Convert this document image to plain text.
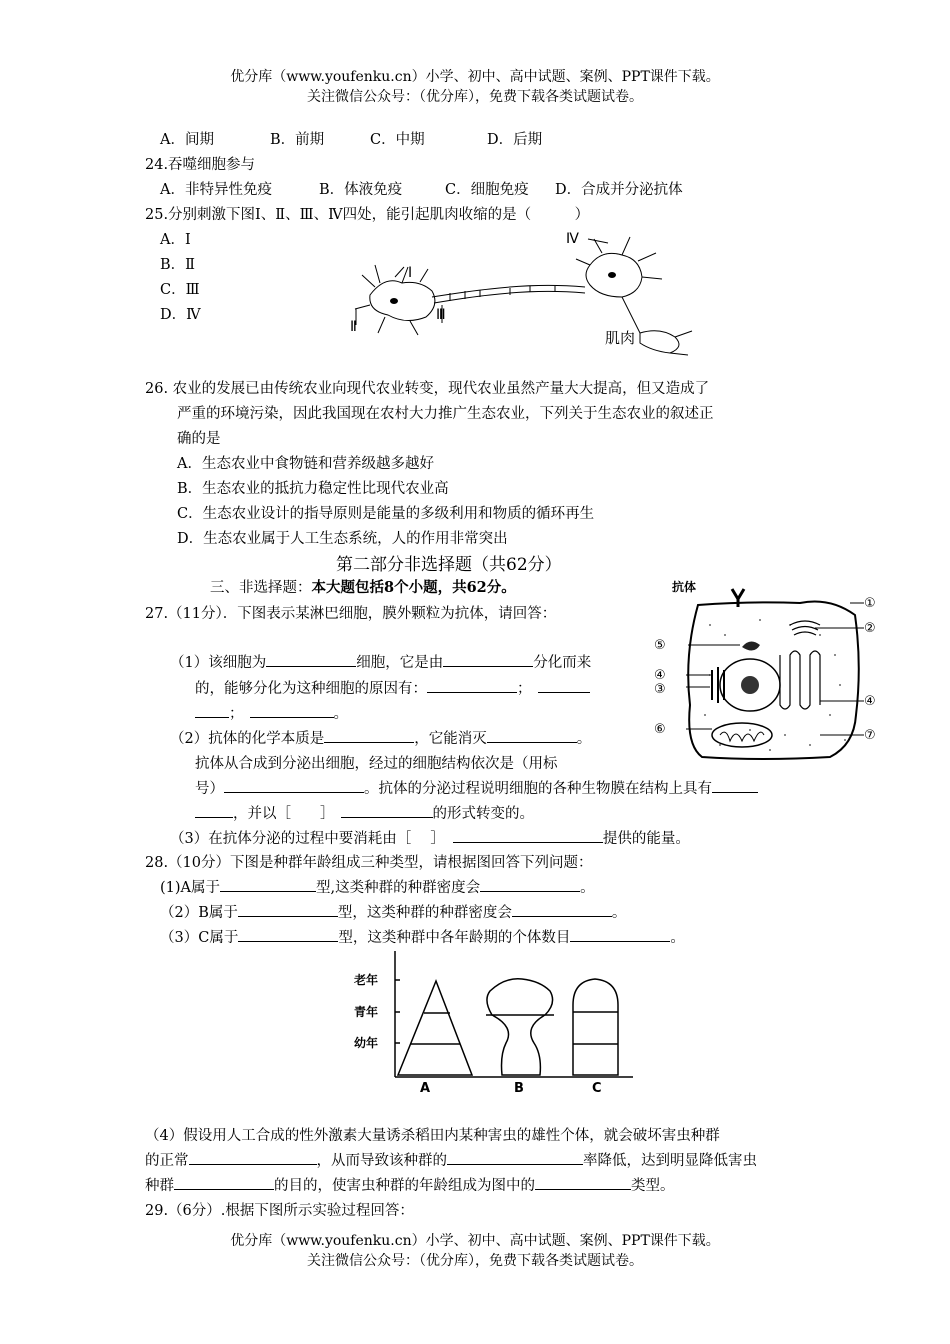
优分库（www.youfenku.cn）小学、初中、高中试题、案例、PPT课件下载。
关注微信公众号：（优分库），免费下载各类试题试卷。
A．间期	B．前期	C．中期	D．后期
24.吞噬细胞参与
A．非特异性免疫	B．体液免疫	C．细胞免疫 D．合成并分泌抗体
25.分别刺激下图Ⅰ、Ⅱ、Ⅲ、Ⅳ四处，能引起肌肉收缩的是（　　　）
A．Ⅰ
B．Ⅱ
C．Ⅲ
D．Ⅳ
Ⅰ
Ⅱ
Ⅲ
Ⅳ
肌肉
26. 农业的发展已由传统农业向现代农业转变，现代农业虽然产量大大提高，但又造成了
严重的环境污染，因此我国现在农村大力推广生态农业，下列关于生态农业的叙述正
确的是
A．生态农业中食物链和营养级越多越好
B．生态农业的抵抗力稳定性比现代农业高
C．生态农业设计的指导原则是能量的多级利用和物质的循环再生
D．生态农业属于人工生态系统，人的作用非常突出
第二部分非选择题（共62分）
三、非选择题：本大题包括8个小题，共62分。
27.（11分）．下图表示某淋巴细胞，膜外颗粒为抗体，请回答：
（1）该细胞为	细胞，它是由	分化而来
的，能够分化为这种细胞的原因有：	；
；	。
（2）抗体的化学本质是	，它能消灭	。
抗体从合成到分泌出细胞，经过的细胞结构依次是（用标
号）	。抗体的分泌过程说明细胞的各种生物膜在结构上具有
，并以［　　］	的形式转变的。
（3）在抗体分泌的过程中要消耗由［　 ］	提供的能量。
抗体
①
②
⑤
④
③
④
⑥	⑦
28.（10分）下图是种群年龄组成三种类型，请根据图回答下列问题：
(1)A属于	型,这类种群的种群密度会	。
（2）B属于	型，这类种群的种群密度会	。
（3）C属于	型，这类种群中各年龄期的个体数目	。
老年
青年
幼年
A	B	C
（4）假设用人工合成的性外激素大量诱杀稻田内某种害虫的雄性个体，就会破坏害虫种群
的正常	，从而导致该种群的	率降低，达到明显降低害虫
种群	的目的，使害虫种群的年龄组成为图中的	类型。
29.（6分）.根据下图所示实验过程回答：
优分库（www.youfenku.cn）小学、初中、高中试题、案例、PPT课件下载。
关注微信公众号：（优分库），免费下载各类试题试卷。
